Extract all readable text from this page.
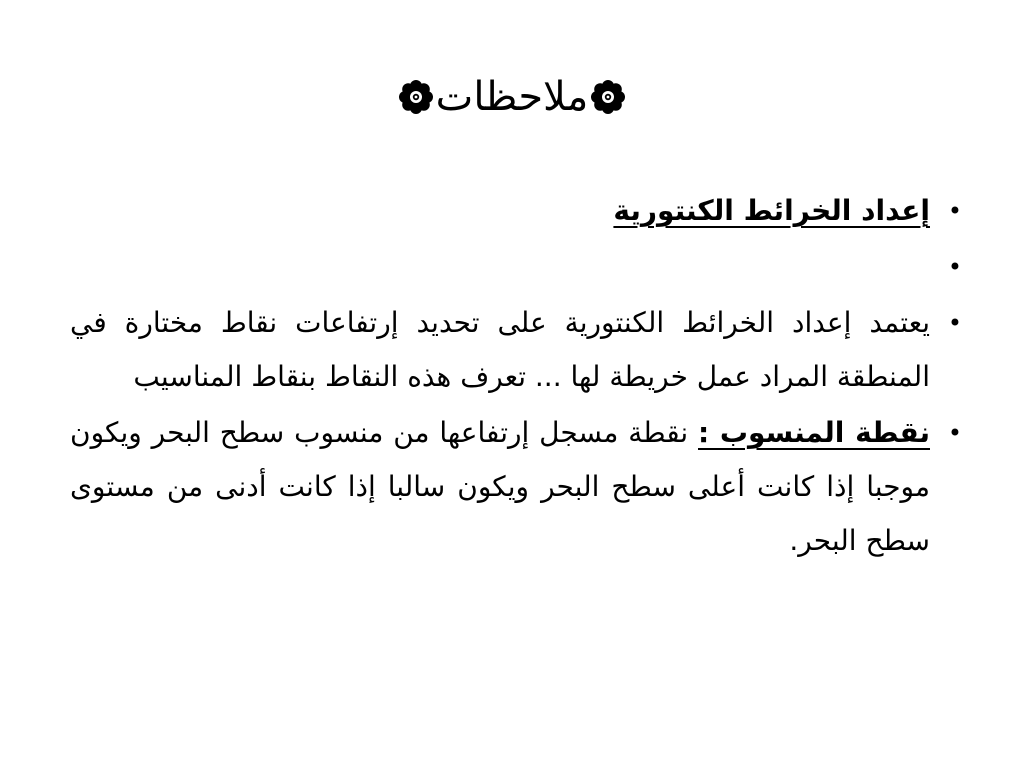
ملاحظات
•
إعداد الخرائط الكنتورية
•
•
يعتمد إعداد الخرائط الكنتورية على تحديد إرتفاعات نقاط مختارة في المنطقة المراد عمل خريطة لها ... تعرف هذه النقاط بنقاط المناسيب
•
نقطة المنسوب : نقطة مسجل إرتفاعها من منسوب سطح البحر ويكون موجبا إذا كانت أعلى سطح البحر ويكون سالبا إذا كانت أدنى من مستوى سطح البحر.
